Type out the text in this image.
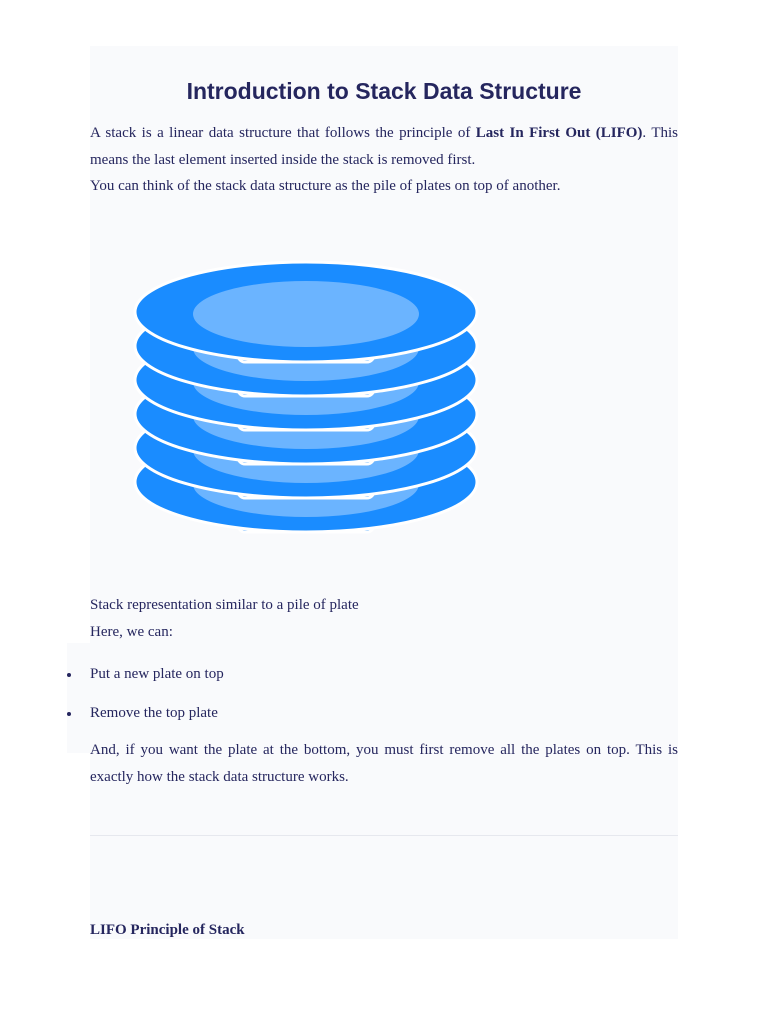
Introduction to Stack Data Structure

A stack is a linear data structure that follows the principle of Last In First Out (LIFO). This means the last element inserted inside the stack is removed first.
You can think of the stack data structure as the pile of plates on top of another.

Stack representation similar to a pile of plate

Here, we can:

Put a new plate on top
Remove the top plate

And, if you want the plate at the bottom, you must first remove all the plates on top. This is exactly how the stack data structure works.

LIFO Principle of Stack
